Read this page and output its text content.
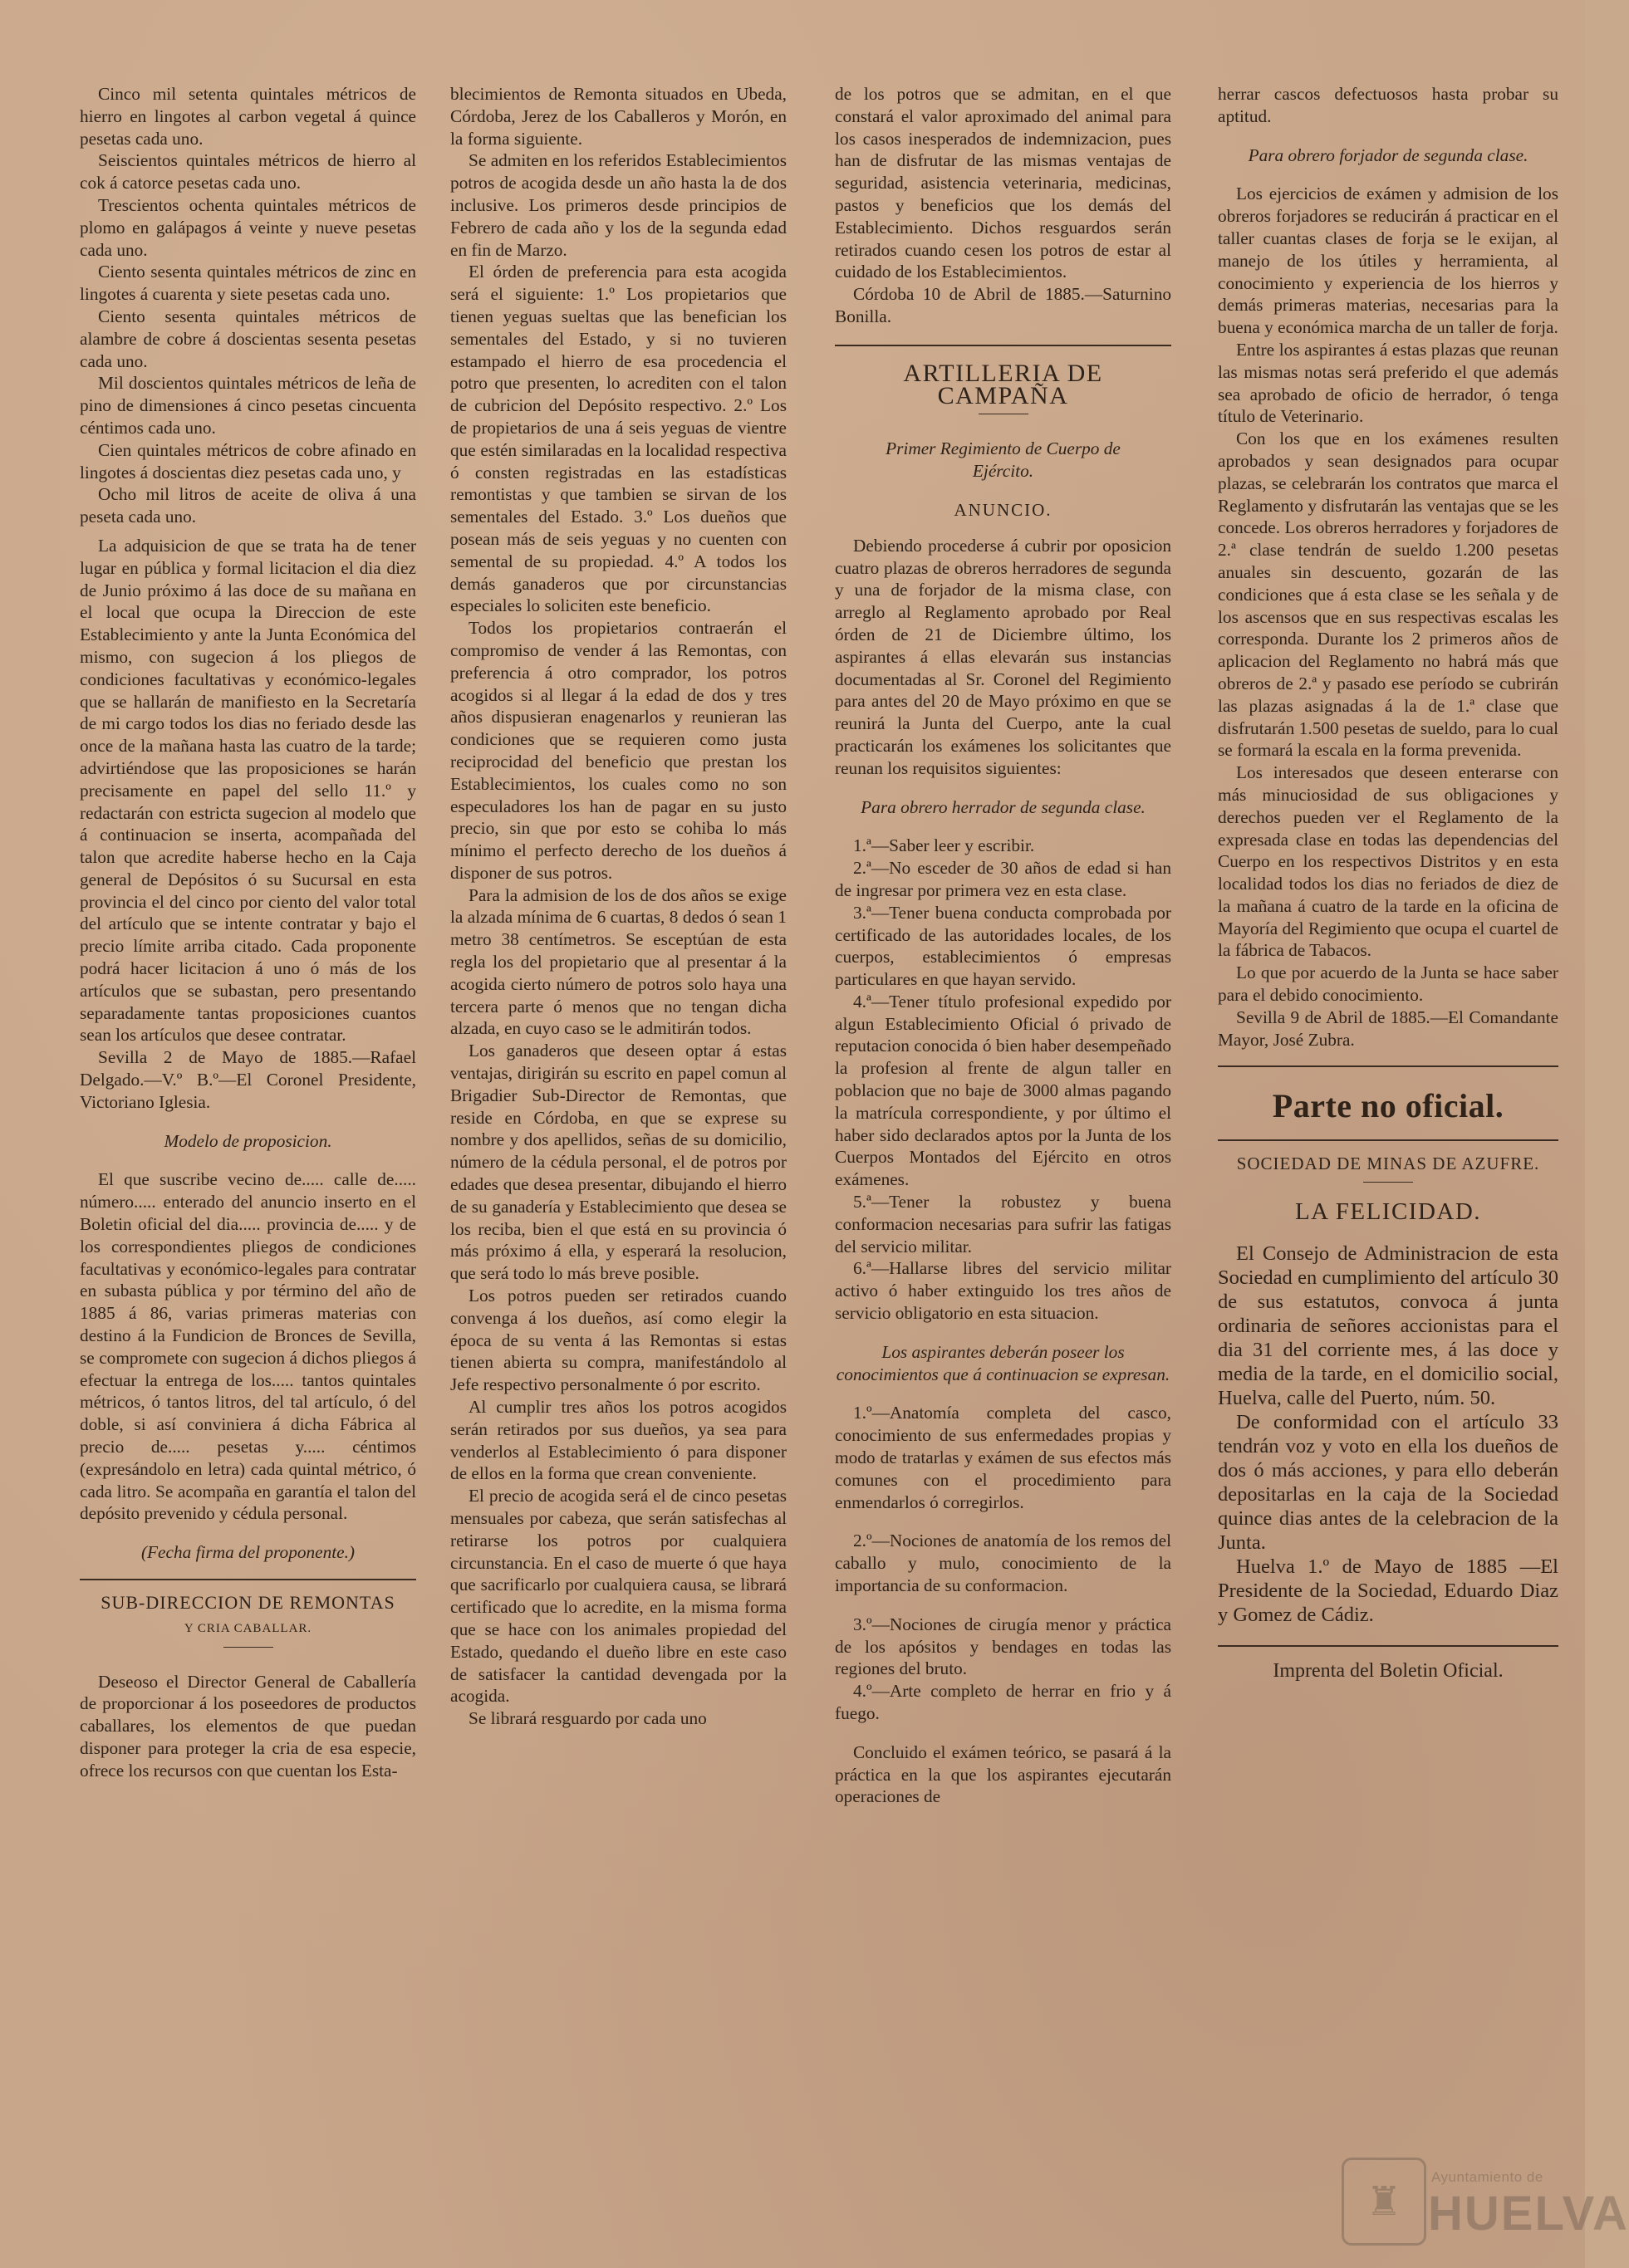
Cinco mil setenta quintales métricos de hierro en lingotes al carbon vegetal á quince pesetas cada uno.

Seiscientos quintales métricos de hierro al cok á catorce pesetas cada uno.

Trescientos ochenta quintales métricos de plomo en galápagos á veinte y nueve pesetas cada uno.

Ciento sesenta quintales métricos de zinc en lingotes á cuarenta y siete pesetas cada uno.

Ciento sesenta quintales métricos de alambre de cobre á doscientas sesenta pesetas cada uno.

Mil doscientos quintales métricos de leña de pino de dimensiones á cinco pesetas cincuenta céntimos cada uno.

Cien quintales métricos de cobre afinado en lingotes á doscientas diez pesetas cada uno, y

Ocho mil litros de aceite de oliva á una peseta cada uno.

La adquisicion de que se trata ha de tener lugar en pública y formal licitacion el dia diez de Junio próximo á las doce de su mañana en el local que ocupa la Direccion de este Establecimiento y ante la Junta Económica del mismo, con sugecion á los pliegos de condiciones facultativas y económico-legales que se hallarán de manifiesto en la Secretaría de mi cargo todos los dias no feriado desde las once de la mañana hasta las cuatro de la tarde; advirtiéndose que las proposiciones se harán precisamente en papel del sello 11.º y redactarán con estricta sugecion al modelo que á continuacion se inserta, acompañada del talon que acredite haberse hecho en la Caja general de Depósitos ó su Sucursal en esta provincia el del cinco por ciento del valor total del artículo que se intente contratar y bajo el precio límite arriba citado. Cada proponente podrá hacer licitacion á uno ó más de los artículos que se subastan, pero presentando separadamente tantas proposiciones cuantos sean los artículos que desee contratar.

Sevilla 2 de Mayo de 1885.—Rafael Delgado.—V.º B.º—El Coronel Presidente, Victoriano Iglesia.

Modelo de proposicion.

El que suscribe vecino de..... calle de..... número..... enterado del anuncio inserto en el Boletin oficial del dia..... provincia de..... y de los correspondientes pliegos de condiciones facultativas y económico-legales para contratar en subasta pública y por término del año de 1885 á 86, varias primeras materias con destino á la Fundicion de Bronces de Sevilla, se compromete con sugecion á dichos pliegos á efectuar la entrega de los..... tantos quintales métricos, ó tantos litros, del tal artículo, ó del doble, si así conviniera á dicha Fábrica al precio de..... pesetas y..... céntimos (expresándolo en letra) cada quintal métrico, ó cada litro. Se acompaña en garantía el talon del depósito prevenido y cédula personal.

(Fecha firma del proponente.)

SUB-DIRECCION DE REMONTAS
Y CRIA CABALLAR.

Deseoso el Director General de Caballería de proporcionar á los poseedores de productos caballares, los elementos de que puedan disponer para proteger la cria de esa especie, ofrece los recursos con que cuentan los Esta-

blecimientos de Remonta situados en Ubeda, Córdoba, Jerez de los Caballeros y Morón, en la forma siguiente.

Se admiten en los referidos Establecimientos potros de acogida desde un año hasta la de dos inclusive. Los primeros desde principios de Febrero de cada año y los de la segunda edad en fin de Marzo.

El órden de preferencia para esta acogida será el siguiente: 1.º Los propietarios que tienen yeguas sueltas que las benefician los sementales del Estado, y si no tuvieren estampado el hierro de esa procedencia el potro que presenten, lo acrediten con el talon de cubricion del Depósito respectivo. 2.º Los de propietarios de una á seis yeguas de vientre que estén similaradas en la localidad respectiva ó consten registradas en las estadísticas remontistas y que tambien se sirvan de los sementales del Estado. 3.º Los dueños que posean más de seis yeguas y no cuenten con semental de su propiedad. 4.º A todos los demás ganaderos que por circunstancias especiales lo soliciten este beneficio.

Todos los propietarios contraerán el compromiso de vender á las Remontas, con preferencia á otro comprador, los potros acogidos si al llegar á la edad de dos y tres años dispusieran enagenarlos y reunieran las condiciones que se requieren como justa reciprocidad del beneficio que prestan los Establecimientos, los cuales como no son especuladores los han de pagar en su justo precio, sin que por esto se cohiba lo más mínimo el perfecto derecho de los dueños á disponer de sus potros.

Para la admision de los de dos años se exige la alzada mínima de 6 cuartas, 8 dedos ó sean 1 metro 38 centímetros. Se esceptúan de esta regla los del propietario que al presentar á la acogida cierto número de potros solo haya una tercera parte ó menos que no tengan dicha alzada, en cuyo caso se le admitirán todos.

Los ganaderos que deseen optar á estas ventajas, dirigirán su escrito en papel comun al Brigadier Sub-Director de Remontas, que reside en Córdoba, en que se exprese su nombre y dos apellidos, señas de su domicilio, número de la cédula personal, el de potros por edades que desea presentar, dibujando el hierro de su ganadería y Establecimiento que desea se los reciba, bien el que está en su provincia ó más próximo á ella, y esperará la resolucion, que será todo lo más breve posible.

Los potros pueden ser retirados cuando convenga á los dueños, así como elegir la época de su venta á las Remontas si estas tienen abierta su compra, manifestándolo al Jefe respectivo personalmente ó por escrito.

Al cumplir tres años los potros acogidos serán retirados por sus dueños, ya sea para venderlos al Establecimiento ó para disponer de ellos en la forma que crean conveniente.

El precio de acogida será el de cinco pesetas mensuales por cabeza, que serán satisfechas al retirarse los potros por cualquiera circunstancia. En el caso de muerte ó que haya que sacrificarlo por cualquiera causa, se librará certificado que lo acredite, en la misma forma que se hace con los animales propiedad del Estado, quedando el dueño libre en este caso de satisfacer la cantidad devengada por la acogida.

Se librará resguardo por cada uno

de los potros que se admitan, en el que constará el valor aproximado del animal para los casos inesperados de indemnizacion, pues han de disfrutar de las mismas ventajas de seguridad, asistencia veterinaria, medicinas, pastos y beneficios que los demás del Establecimiento. Dichos resguardos serán retirados cuando cesen los potros de estar al cuidado de los Establecimientos.

Córdoba 10 de Abril de 1885.—Saturnino Bonilla.

ARTILLERIA DE CAMPAÑA

Primer Regimiento de Cuerpo de Ejército.

ANUNCIO.

Debiendo procederse á cubrir por oposicion cuatro plazas de obreros herradores de segunda y una de forjador de la misma clase, con arreglo al Reglamento aprobado por Real órden de 21 de Diciembre último, los aspirantes á ellas elevarán sus instancias documentadas al Sr. Coronel del Regimiento para antes del 20 de Mayo próximo en que se reunirá la Junta del Cuerpo, ante la cual practicarán los exámenes los solicitantes que reunan los requisitos siguientes:

Para obrero herrador de segunda clase.

1.ª—Saber leer y escribir.

2.ª—No esceder de 30 años de edad si han de ingresar por primera vez en esta clase.

3.ª—Tener buena conducta comprobada por certificado de las autoridades locales, de los cuerpos, establecimientos ó empresas particulares en que hayan servido.

4.ª—Tener título profesional expedido por algun Establecimiento Oficial ó privado de reputacion conocida ó bien haber desempeñado la profesion al frente de algun taller en poblacion que no baje de 3000 almas pagando la matrícula correspondiente, y por último el haber sido declarados aptos por la Junta de los Cuerpos Montados del Ejército en otros exámenes.

5.ª—Tener la robustez y buena conformacion necesarias para sufrir las fatigas del servicio militar.

6.ª—Hallarse libres del servicio militar activo ó haber extinguido los tres años de servicio obligatorio en esta situacion.

Los aspirantes deberán poseer los conocimientos que á continuacion se expresan.

1.º—Anatomía completa del casco, conocimiento de sus enfermedades propias y modo de tratarlas y exámen de sus efectos más comunes con el procedimiento para enmendarlos ó corregirlos.

2.º—Nociones de anatomía de los remos del caballo y mulo, conocimiento de la importancia de su conformacion.

3.º—Nociones de cirugía menor y práctica de los apósitos y bendages en todas las regiones del bruto.

4.º—Arte completo de herrar en frio y á fuego.

Concluido el exámen teórico, se pasará á la práctica en la que los aspirantes ejecutarán operaciones de

herrar cascos defectuosos hasta probar su aptitud.

Para obrero forjador de segunda clase.

Los ejercicios de exámen y admision de los obreros forjadores se reducirán á practicar en el taller cuantas clases de forja se le exijan, al manejo de los útiles y herramienta, al conocimiento y experiencia de los hierros y demás primeras materias, necesarias para la buena y económica marcha de un taller de forja.

Entre los aspirantes á estas plazas que reunan las mismas notas será preferido el que además sea aprobado de oficio de herrador, ó tenga título de Veterinario.

Con los que en los exámenes resulten aprobados y sean designados para ocupar plazas, se celebrarán los contratos que marca el Reglamento y disfrutarán las ventajas que se les concede. Los obreros herradores y forjadores de 2.ª clase tendrán de sueldo 1.200 pesetas anuales sin descuento, gozarán de las condiciones que á esta clase se les señala y de los ascensos que en sus respectivas escalas les corresponda. Durante los 2 primeros años de aplicacion del Reglamento no habrá más que obreros de 2.ª y pasado ese período se cubrirán las plazas asignadas á la de 1.ª clase que disfrutarán 1.500 pesetas de sueldo, para lo cual se formará la escala en la forma prevenida.

Los interesados que deseen enterarse con más minuciosidad de sus obligaciones y derechos pueden ver el Reglamento de la expresada clase en todas las dependencias del Cuerpo en los respectivos Distritos y en esta localidad todos los dias no feriados de diez de la mañana á cuatro de la tarde en la oficina de Mayoría del Regimiento que ocupa el cuartel de la fábrica de Tabacos.

Lo que por acuerdo de la Junta se hace saber para el debido conocimiento.

Sevilla 9 de Abril de 1885.—El Comandante Mayor, José Zubra.

Parte no oficial.
SOCIEDAD DE MINAS DE AZUFRE.
LA FELICIDAD.

El Consejo de Administracion de esta Sociedad en cumplimiento del artículo 30 de sus estatutos, convoca á junta ordinaria de señores accionistas para el dia 31 del corriente mes, á las doce y media de la tarde, en el domicilio social, Huelva, calle del Puerto, núm. 50.

De conformidad con el artículo 33 tendrán voz y voto en ella los dueños de dos ó más acciones, y para ello deberán depositarlas en la caja de la Sociedad quince dias antes de la celebracion de la Junta.

Huelva 1.º de Mayo de 1885 —El Presidente de la Sociedad, Eduardo Diaz y Gomez de Cádiz.

Imprenta del Boletin Oficial.
♜
Ayuntamiento de
HUELVA
